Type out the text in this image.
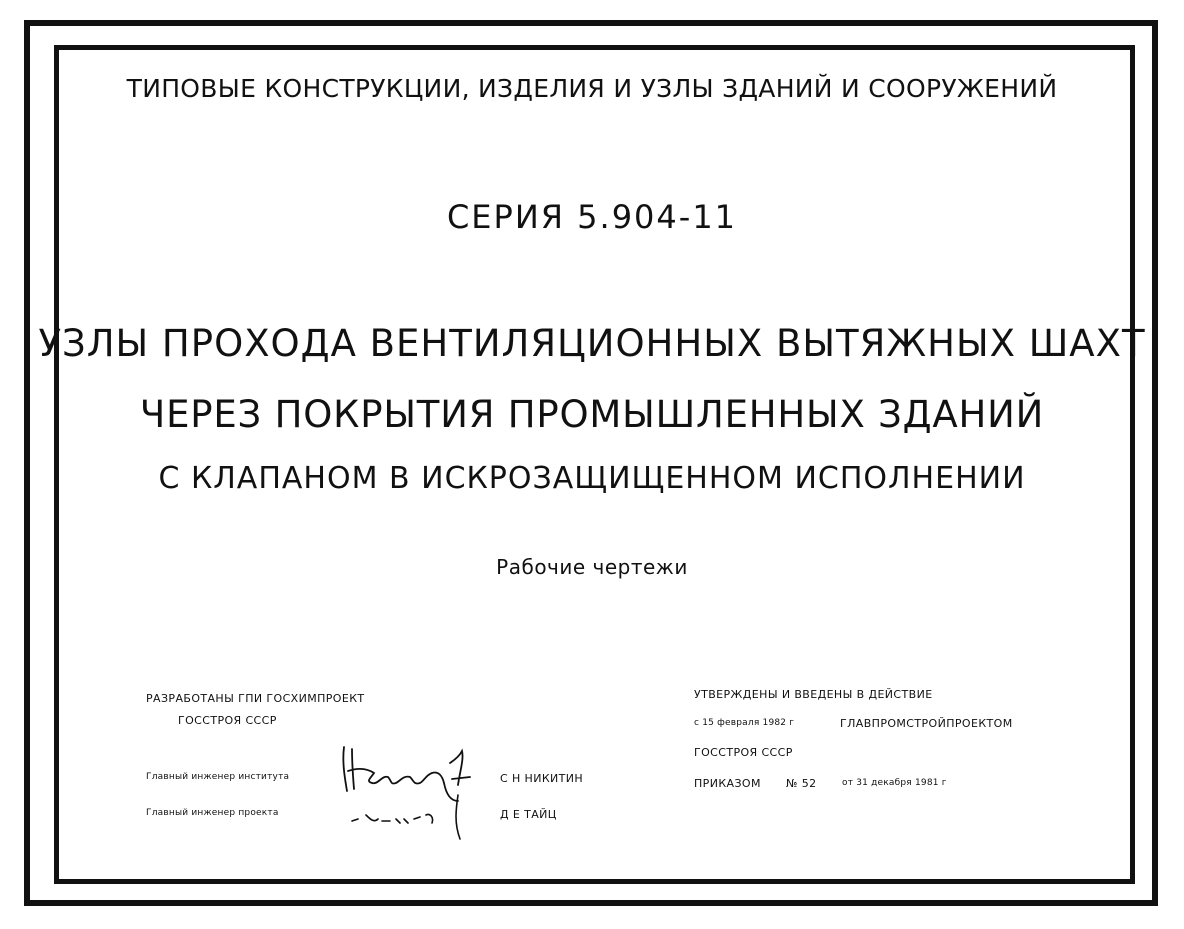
ТИПОВЫЕ КОНСТРУКЦИИ, ИЗДЕЛИЯ И УЗЛЫ ЗДАНИЙ И СООРУЖЕНИЙ
СЕРИЯ 5.904-11
УЗЛЫ ПРОХОДА ВЕНТИЛЯЦИОННЫХ ВЫТЯЖНЫХ ШАХТ
ЧЕРЕЗ ПОКРЫТИЯ ПРОМЫШЛЕННЫХ ЗДАНИЙ
С КЛАПАНОМ В ИСКРОЗАЩИЩЕННОМ ИСПОЛНЕНИИ
Рабочие чертежи
РАЗРАБОТАНЫ ГПИ ГОСХИМПРОЕКТ
ГОССТРОЯ СССР
Главный инженер института
Главный инженер проекта
С Н НИКИТИН
Д Е ТАЙЦ
УТВЕРЖДЕНЫ И ВВЕДЕНЫ В ДЕЙСТВИЕ
с 15 февраля 1982 г	ГЛАВПРОМСТРОЙПРОЕКТОМ
ГОССТРОЯ СССР
ПРИКАЗОМ № 52	от 31 декабря 1981 г
